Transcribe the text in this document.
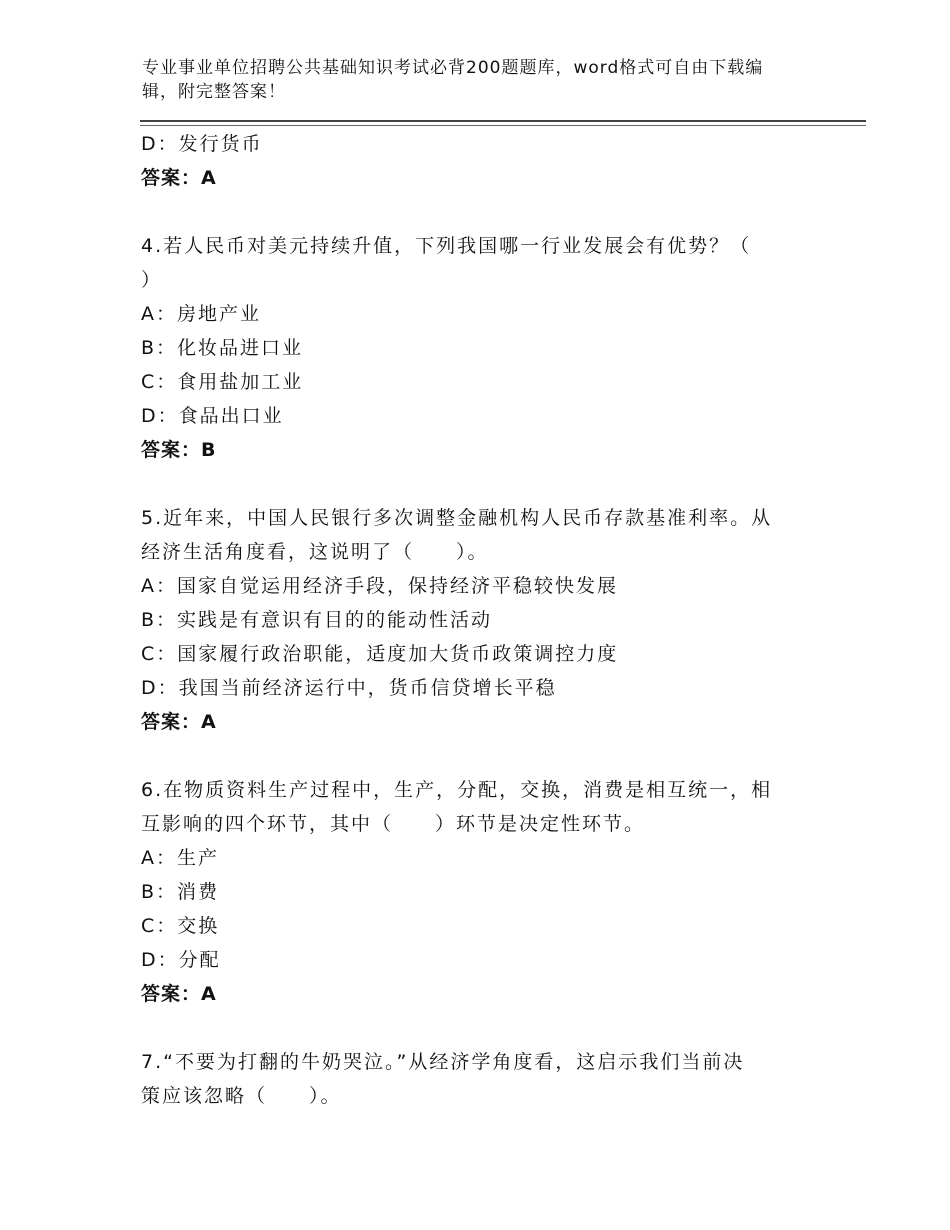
专业事业单位招聘公共基础知识考试必背200题题库，word格式可自由下载编
辑，附完整答案！

D：发行货币

答案：A

4.若人民币对美元持续升值，下列我国哪一行业发展会有优势？（

）

A：房地产业

B：化妆品进口业

C：食用盐加工业

D：食品出口业

答案：B

5.近年来，中国人民银行多次调整金融机构人民币存款基准利率。从

经济生活角度看，这说明了（　　）。

A：国家自觉运用经济手段，保持经济平稳较快发展

B：实践是有意识有目的的能动性活动

C：国家履行政治职能，适度加大货币政策调控力度

D：我国当前经济运行中，货币信贷增长平稳

答案：A

6.在物质资料生产过程中，生产，分配，交换，消费是相互统一，相

互影响的四个环节，其中（　　）环节是决定性环节。

A：生产

B：消费

C：交换

D：分配

答案：A

7.“不要为打翻的牛奶哭泣。”从经济学角度看，这启示我们当前决

策应该忽略（　　）。
